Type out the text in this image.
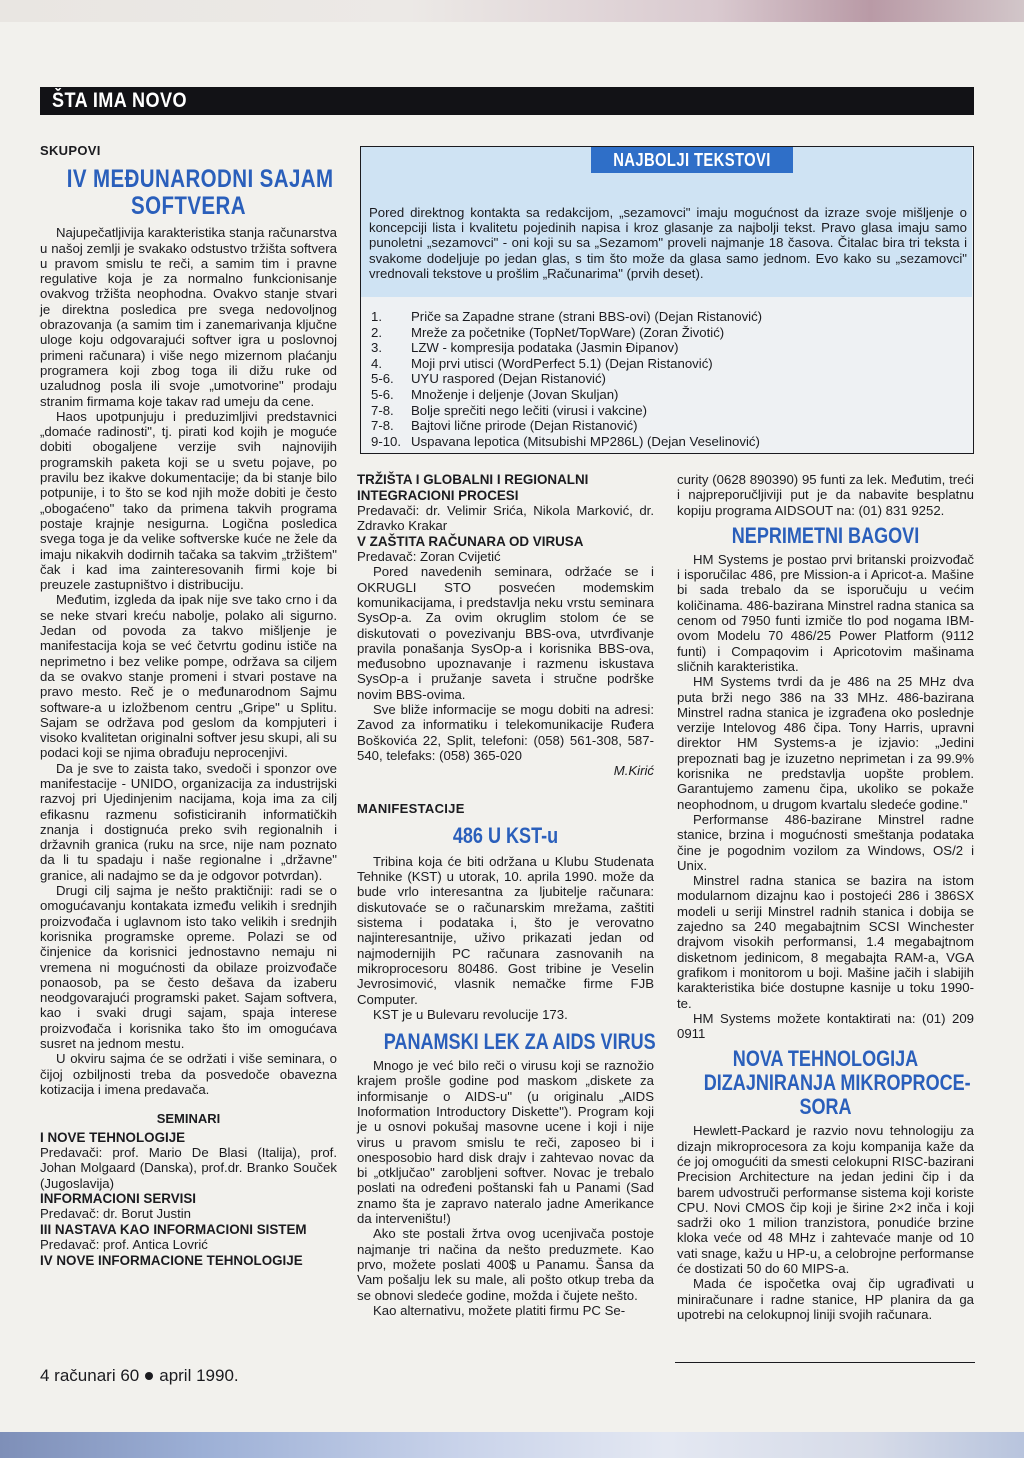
ŠTA IMA NOVO
SKUPOVI
IV MEĐUNARODNI SAJAM
SOFTVERA

Najupečatljivija karakteristika stanja računarstva u našoj zemlji je svakako odstustvo tržišta softvera u pravom smislu te reči, a samim tim i pravne regulative koja je za normalno funkcionisanje ovakvog tržišta neophodna. Ovakvo stanje stvari je direktna posledica pre svega nedovoljnog obrazovanja (a samim tim i zanemarivanja ključne uloge koju odgovarajući softver igra u poslovnoj primeni računara) i više nego mizernom plaćanju programera koji zbog toga ili dižu ruke od uzaludnog posla ili svoje „umotvorine" prodaju stranim firmama koje takav rad umeju da cene.

Haos upotpunjuju i preduzimljivi predstavnici „domaće radinosti", tj. pirati kod kojih je moguće dobiti obogaljene verzije svih najnovijih programskih paketa koji se u svetu pojave, po pravilu bez ikakve dokumentacije; da bi stanje bilo potpunije, i to što se kod njih može dobiti je često „obogaćeno" tako da primena takvih programa postaje krajnje nesigurna. Logična posledica svega toga je da velike softverske kuće ne žele da imaju nikakvih dodirnih tačaka sa takvim „tržištem" čak i kad ima zainteresovanih firmi koje bi preuzele zastupništvo i distribuciju.

Međutim, izgleda da ipak nije sve tako crno i da se neke stvari kreću nabolje, polako ali sigurno. Jedan od povoda za takvo mišljenje je manifestacija koja se već četvrtu godinu ističe na neprimetno i bez velike pompe, održava sa ciljem da se ovakvo stanje promeni i stvari postave na pravo mesto. Reč je o međunarodnom Sajmu software-a u izložbenom centru „Gripe" u Splitu. Sajam se održava pod geslom da kompjuteri i visoko kvalitetan originalni softver jesu skupi, ali su podaci koji se njima obrađuju neprocenjivi.

Da je sve to zaista tako, svedoči i sponzor ove manifestacije - UNIDO, organizacija za industrijski razvoj pri Ujedinjenim nacijama, koja ima za cilj efikasnu razmenu sofisticiranih informatičkih znanja i dostignuća preko svih regionalnih i državnih granica (ruku na srce, nije nam poznato da li tu spadaju i naše regionalne i „državne" granice, ali nadajmo se da je odgovor potvrdan).

Drugi cilj sajma je nešto praktičniji: radi se o omogućavanju kontakata između velikih i srednjih proizvođača i uglavnom isto tako velikih i srednjih korisnika programske opreme. Polazi se od činjenice da korisnici jednostavno nemaju ni vremena ni mogućnosti da obilaze proizvođače ponaosob, pa se često dešava da izaberu neodgovarajući programski paket. Sajam softvera, kao i svaki drugi sajam, spaja interese proizvođača i korisnika tako što im omogućava susret na jednom mestu.

U okviru sajma će se održati i više seminara, o čijoj ozbiljnosti treba da posvedoče obavezna kotizacija i imena predavača.

SEMINARI
I NOVE TEHNOLOGIJE

Predavači: prof. Mario De Blasi (Italija), prof. Johan Molgaard (Danska), prof.dr. Branko Souček (Jugoslavija)

INFORMACIONI SERVISI

Predavač: dr. Borut Justin

III NASTAVA KAO INFORMACIONI SISTEM

Predavač: prof. Antica Lovrić

IV NOVE INFORMACIONE TEHNOLOGIJE
NAJBOLJI TEKSTOVI
Pored direktnog kontakta sa redakcijom, „sezamovci" imaju mogućnost da izraze svoje mišljenje o koncepciji lista i kvalitetu pojedinih napisa i kroz glasanje za najbolji tekst. Pravo glasa imaju samo punoletni „sezamovci" - oni koji su sa „Sezamom" proveli najmanje 18 časova. Čitalac bira tri teksta i svakome dodeljuje po jedan glas, s tim što može da glasa samo jednom. Evo kako su „sezamovci" vrednovali tekstove u prošlim „Računarima" (prvih deset).
1.	Priče sa Zapadne strane (strani BBS-ovi) (Dejan Ristanović)
2.	Mreže za početnike (TopNet/TopWare) (Zoran Životić)
3.	LZW - kompresija podataka (Jasmin Đipanov)
4.	Moji prvi utisci (WordPerfect 5.1) (Dejan Ristanović)
5-6.	UYU raspored (Dejan Ristanović)
5-6.	Množenje i deljenje (Jovan Skuljan)
7-8.	Bolje sprečiti nego lečiti (virusi i vakcine)
7-8.	Bajtovi lične prirode (Dejan Ristanović)
9-10. Uspavana lepotica (Mitsubishi MP286L) (Dejan Veselinović)
TRŽIŠTA I GLOBALNI I REGIONALNI INTEGRACIONI PROCESI

Predavači: dr. Velimir Srića, Nikola Marković, dr. Zdravko Krakar

V ZAŠTITA RAČUNARA OD VIRUSA

Predavač: Zoran Cvijetić

Pored navedenih seminara, održaće se i OKRUGLI STO posvećen modemskim komunikacijama, i predstavlja neku vrstu seminara SysOp-a. Za ovim okruglim stolom će se diskutovati o povezivanju BBS-ova, utvrđivanje pravila ponašanja SysOp-a i korisnika BBS-ova, međusobno upoznavanje i razmenu iskustava SysOp-a i pružanje saveta i stručne podrške novim BBS-ovima.

Sve bliže informacije se mogu dobiti na adresi: Zavod za informatiku i telekomunikacije Ruđera Boškovića 22, Split, telefoni: (058) 561-308, 587-540, telefaks: (058) 365-020

M.Kirić
MANIFESTACIJE
486 U KST-u

Tribina koja će biti održana u Klubu Studenata Tehnike (KST) u utorak, 10. aprila 1990. može da bude vrlo interesantna za ljubitelje računara: diskutovaće se o računarskim mrežama, zaštiti sistema i podataka i, što je verovatno najinteresantnije, uživo prikazati jedan od najmodernijih PC računara zasnovanih na mikroprocesoru 80486. Gost tribine je Veselin Jevrosimović, vlasnik nemačke firme FJB Computer.

KST je u Bulevaru revolucije 173.

PANAMSKI LEK ZA AIDS VIRUS

Mnogo je već bilo reči o virusu koji se raznožio krajem prošle godine pod maskom „diskete za informisanje o AIDS-u" (u originalu „AIDS Inoformation Introductory Diskette"). Program koji je u osnovi pokušaj masovne ucene i koji i nije virus u pravom smislu te reči, zaposeo bi i onesposobio hard disk drajv i zahtevao novac da bi „otključao" zarobljeni softver. Novac je trebalo poslati na određeni poštanski fah u Panami (Sad znamo šta je zapravo nateralo jadne Amerikance da interveništu!)

Ako ste postali žrtva ovog ucenjivača postoje najmanje tri načina da nešto preduzmete. Kao prvo, možete poslati 400$ u Panamu. Šansa da Vam pošalju lek su male, ali pošto otkup treba da se obnovi sledeće godine, možda i čujete nešto.

Kao alternativu, možete platiti firmu PC Se-

curity (0628 890390) 95 funti za lek. Međutim, treći i najpreporučljiviji put je da nabavite besplatnu kopiju programa AIDSOUT na: (01) 831 9252.

NEPRIMETNI BAGOVI

HM Systems je postao prvi britanski proizvođač i isporučilac 486, pre Mission-a i Apricot-a. Mašine bi sada trebalo da se isporučuju u većim količinama. 486-bazirana Minstrel radna stanica sa cenom od 7950 funti izmiče tlo pod nogama IBM-ovom Modelu 70 486/25 Power Platform (9112 funti) i Compaqovim i Apricotovim mašinama sličnih karakteristika.

HM Systems tvrdi da je 486 na 25 MHz dva puta brži nego 386 na 33 MHz. 486-bazirana Minstrel radna stanica je izgrađena oko poslednje verzije Intelovog 486 čipa. Tony Harris, upravni direktor HM Systems-a je izjavio: „Jedini prepoznati bag je izuzetno neprimetan i za 99.9% korisnika ne predstavlja uopšte problem. Garantujemo zamenu čipa, ukoliko se pokaže neophodnom, u drugom kvartalu sledeće godine."

Performanse 486-bazirane Minstrel radne stanice, brzina i mogućnosti smeštanja podataka čine je pogodnim vozilom za Windows, OS/2 i Unix.

Minstrel radna stanica se bazira na istom modularnom dizajnu kao i postojeći 286 i 386SX modeli u seriji Minstrel radnih stanica i dobija se zajedno sa 240 megabajtnim SCSI Winchester drajvom visokih performansi, 1.4 megabajtnom disketnom jedinicom, 8 megabajta RAM-a, VGA grafikom i monitorom u boji. Mašine jačih i slabijih karakteristika biće dostupne kasnije u toku 1990-te.

HM Systems možete kontaktirati na: (01) 209 0911

NOVA TEHNOLOGIJA
DIZAJNIRANJA MIKROPROCE-
SORA

Hewlett-Packard je razvio novu tehnologiju za dizajn mikroprocesora za koju kompanija kaže da će joj omogućiti da smesti celokupni RISC-bazirani Precision Architecture na jedan jedini čip i da barem udvostruči performanse sistema koji koriste CPU. Novi CMOS čip koji je širine 2×2 inča i koji sadrži oko 1 milion tranzistora, ponudiće brzine kloka veće od 48 MHz i zahtevaće manje od 10 vati snage, kažu u HP-u, a celobrojne performanse će dostizati 50 do 60 MIPS-a.

Mada će ispočetka ovaj čip ugrađivati u miniračunare i radne stanice, HP planira da ga upotrebi na celokupnoj liniji svojih računara.

4 računari 60 april 1990.
